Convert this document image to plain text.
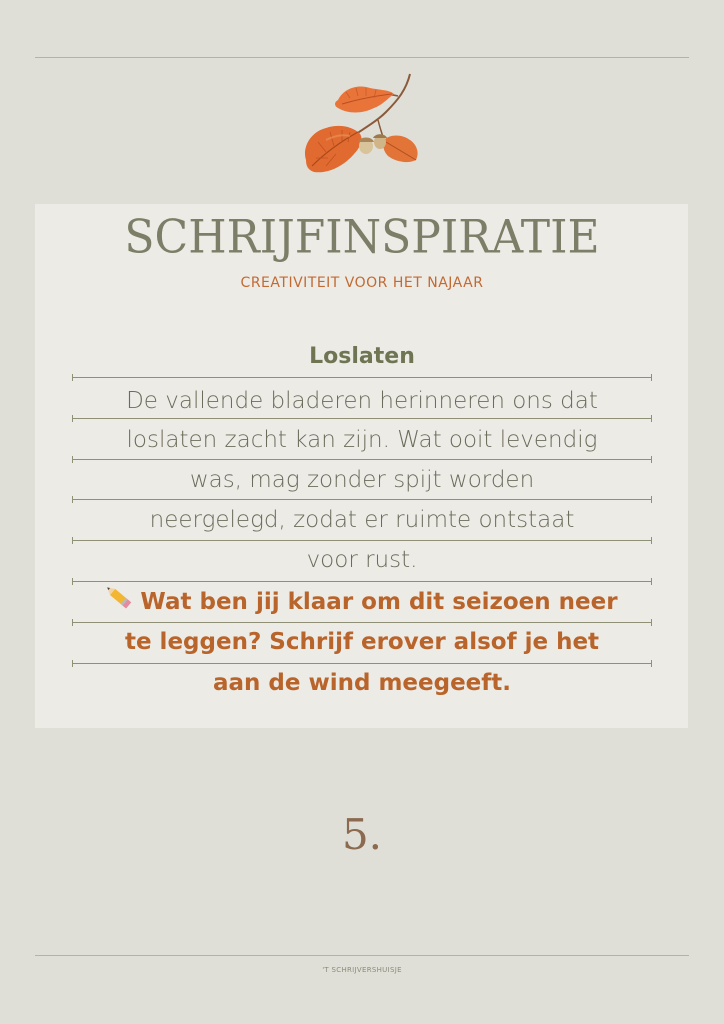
SCHRIJFINSPIRATIE
CREATIVITEIT VOOR HET NAJAAR
Loslaten
De vallende bladeren herinneren ons dat
loslaten zacht kan zijn. Wat ooit levendig
was, mag zonder spijt worden
neergelegd, zodat er ruimte ontstaat
voor rust.
Wat ben jij klaar om dit seizoen neer
te leggen? Schrijf erover alsof je het
aan de wind meegeeft.
5.
'T SCHRIJVERSHUISJE
